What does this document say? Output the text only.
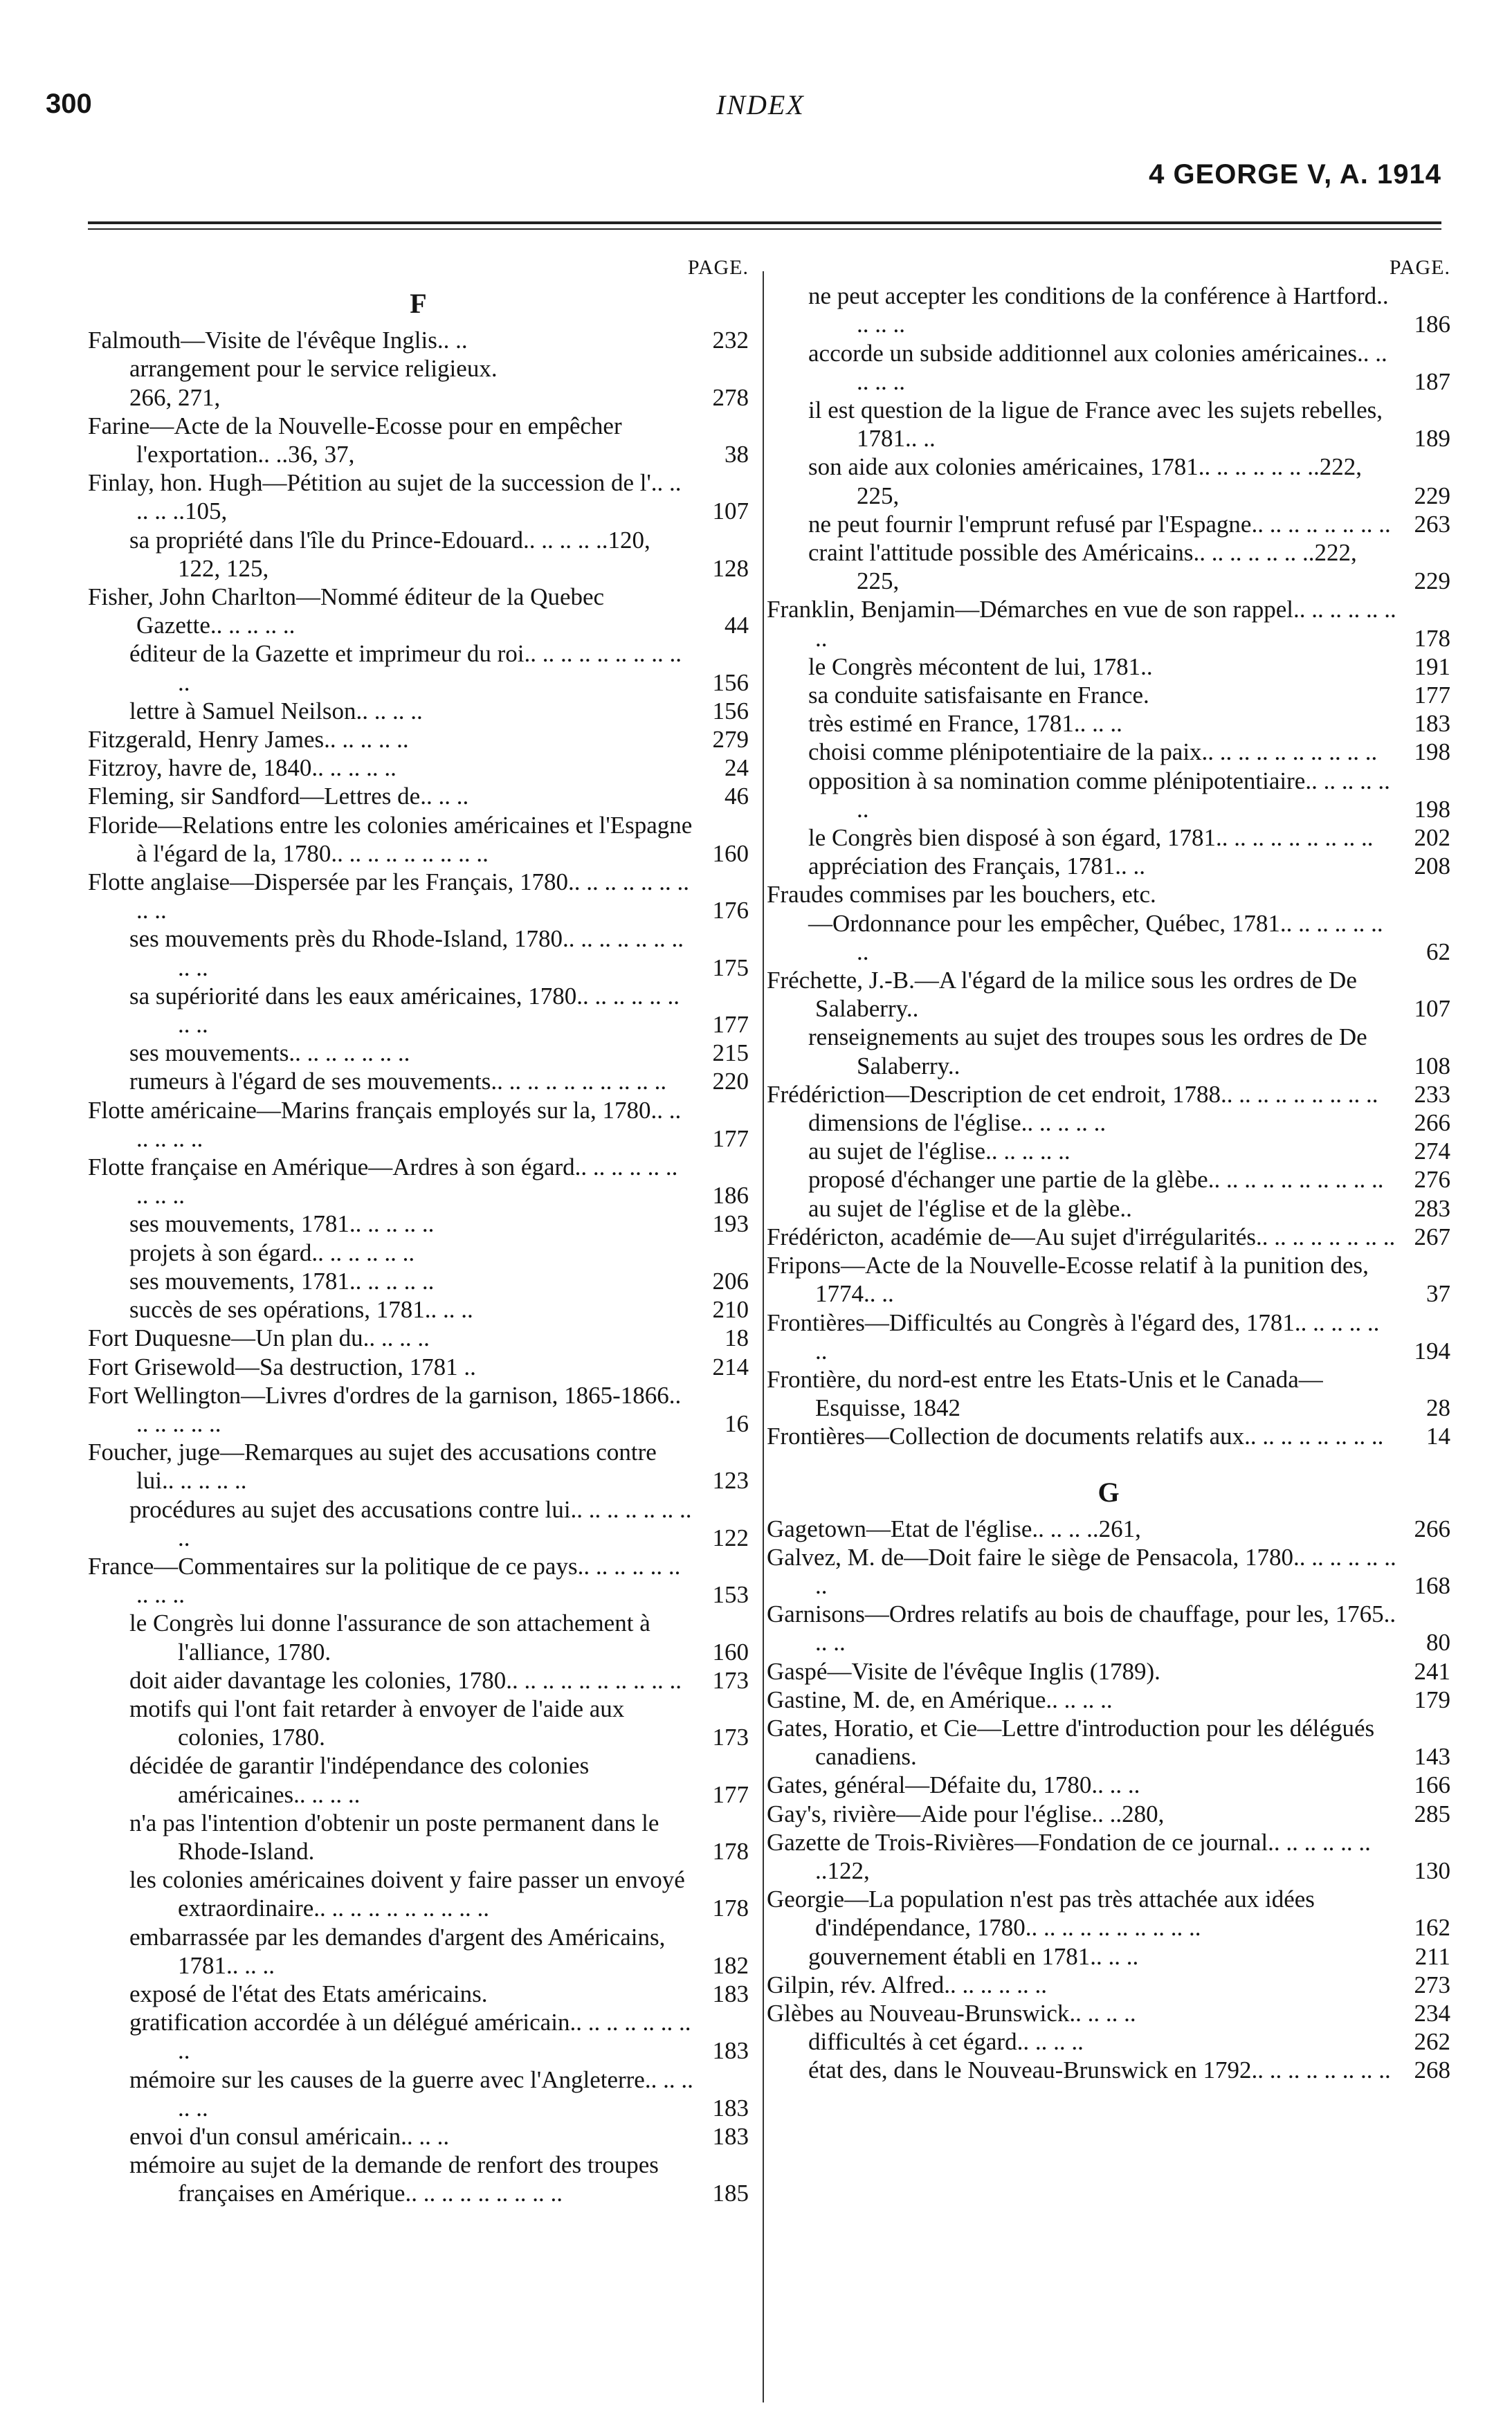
300	INDEX
4 GEORGE V, A. 1914
PAGE.
F
Falmouth—Visite de l'évêque Inglis.. ..	232
arrangement pour le service religieux.
266, 271,	278
Farine—Acte de la Nouvelle-Ecosse pour en empêcher l'exportation.. ..36, 37,	38
Finlay, hon. Hugh—Pétition au sujet de la succession de l'.. .. .. .. ..105,	107
sa propriété dans l'île du Prince-Edouard.. .. .. .. ..120, 122, 125,	128
Fisher, John Charlton—Nommé éditeur de la Quebec Gazette.. .. .. .. ..	44
éditeur de la Gazette et imprimeur du roi.. .. .. .. .. .. .. .. .. ..	156
lettre à Samuel Neilson.. .. .. ..	156
Fitzgerald, Henry James.. .. .. .. ..	279
Fitzroy, havre de, 1840.. .. .. .. ..	24
Fleming, sir Sandford—Lettres de.. .. ..	46
Floride—Relations entre les colonies américaines et l'Espagne à l'égard de la, 1780.. .. .. .. .. .. .. .. ..	160
Flotte anglaise—Dispersée par les Français, 1780.. .. .. .. .. .. .. .. ..	176
ses mouvements près du Rhode-Island, 1780.. .. .. .. .. .. .. .. ..	175
sa supériorité dans les eaux américaines, 1780.. .. .. .. .. .. .. ..	177
ses mouvements.. .. .. .. .. .. ..	215
rumeurs à l'égard de ses mouvements.. .. .. .. .. .. .. .. .. .. 220
Flotte américaine—Marins français employés sur la, 1780.. .. .. .. .. ..	177
Flotte française en Amérique—Ardres à son égard.. .. .. .. .. .. .. .. ..	186
ses mouvements, 1781.. .. .. .. ..	193
projets à son égard.. .. .. .. .. ..
ses mouvements, 1781.. .. .. .. ..	206
succès de ses opérations, 1781.. .. ..	210
Fort Duquesne—Un plan du.. .. .. ..	18
Fort Grisewold—Sa destruction, 1781 ..	214
Fort Wellington—Livres d'ordres de la garnison, 1865-1866.. .. .. .. .. ..	16
Foucher, juge—Remarques au sujet des accusations contre lui.. .. .. .. ..	123
procédures au sujet des accusations contre lui.. .. .. .. .. .. .. ..	122
France—Commentaires sur la politique de ce pays.. .. .. .. .. .. .. .. ..	153
le Congrès lui donne l'assurance de son attachement à l'alliance, 1780.	160
doit aider davantage les colonies, 1780.. .. .. .. .. .. .. .. .. .. 173
motifs qui l'ont fait retarder à envoyer de l'aide aux colonies, 1780.	173
décidée de garantir l'indépendance des colonies américaines.. .. .. ..	177
n'a pas l'intention d'obtenir un poste permanent dans le Rhode-Island.	178
les colonies américaines doivent y faire passer un envoyé extraordinaire.. .. .. .. .. .. .. .. .. ..	178
embarrassée par les demandes d'argent des Américains, 1781.. .. ..	182
exposé de l'état des Etats américains.	183
gratification accordée à un délégué américain.. .. .. .. .. .. .. ..	183
mémoire sur les causes de la guerre avec l'Angleterre.. .. .. .. ..	183
envoi d'un consul américain.. .. ..	183
mémoire au sujet de la demande de renfort des troupes françaises en Amérique.. .. .. .. .. .. .. .. ..	185
PAGE.
ne peut accepter les conditions de la conférence à Hartford.. .. .. ..	186
accorde un subside additionnel aux colonies américaines.. .. .. .. ..	187
il est question de la ligue de France avec les sujets rebelles, 1781.. ..	189
son aide aux colonies américaines, 1781.. .. .. .. .. .. ..222, 225,	229
ne peut fournir l'emprunt refusé par l'Espagne.. .. .. .. .. .. .. .. 263
craint l'attitude possible des Américains.. .. .. .. .. .. ..222, 225,	229
Franklin, Benjamin—Démarches en vue de son rappel.. .. .. .. .. .. ..	178
le Congrès mécontent de lui, 1781..	191
sa conduite satisfaisante en France.	177
très estimé en France, 1781.. .. ..	183
choisi comme plénipotentiaire de la paix.. .. .. .. .. .. .. .. .. .. 198
opposition à sa nomination comme plénipotentiaire.. .. .. .. .. ..	198
le Congrès bien disposé à son égard, 1781.. .. .. .. .. .. .. .. .. 202
appréciation des Français, 1781.. ..	208
Fraudes commises par les bouchers, etc.
—Ordonnance pour les empêcher, Québec, 1781.. .. .. .. .. .. ..	62
Fréchette, J.-B.—A l'égard de la milice sous les ordres de De Salaberry..	107
renseignements au sujet des troupes sous les ordres de De Salaberry..	108
Frédériction—Description de cet endroit, 1788.. .. .. .. .. .. .. .. .. 233
dimensions de l'église.. .. .. .. ..	266
au sujet de l'église.. .. .. .. ..	274
proposé d'échanger une partie de la glèbe.. .. .. .. .. .. .. .. .. .. 276
au sujet de l'église et de la glèbe..	283
Frédéricton, académie de—Au sujet d'irrégularités.. .. .. .. .. .. .. .. 267
Fripons—Acte de la Nouvelle-Ecosse relatif à la punition des, 1774.. ..	37
Frontières—Difficultés au Congrès à l'égard des, 1781.. .. .. .. .. ..	194
Frontière, du nord-est entre les Etats-Unis et le Canada—Esquisse, 1842	28
Frontières—Collection de documents relatifs aux.. .. .. .. .. .. .. .. 14
G
Gagetown—Etat de l'église.. .. .. ..261,	266
Galvez, M. de—Doit faire le siège de Pensacola, 1780.. .. .. .. .. .. ..	168
Garnisons—Ordres relatifs au bois de chauffage, pour les, 1765.. .. ..	80
Gaspé—Visite de l'évêque Inglis (1789).	241
Gastine, M. de, en Amérique.. .. .. ..	179
Gates, Horatio, et Cie—Lettre d'introduction pour les délégués canadiens.	143
Gates, général—Défaite du, 1780.. .. ..	166
Gay's, rivière—Aide pour l'église.. ..280,	285
Gazette de Trois-Rivières—Fondation de ce journal.. .. .. .. .. .. ..122,	130
Georgie—La population n'est pas très attachée aux idées d'indépendance, 1780.. .. .. .. .. .. .. .. .. ..	162
gouvernement établi en 1781.. .. ..	211
Gilpin, rév. Alfred.. .. .. .. .. ..	273
Glèbes au Nouveau-Brunswick.. .. .. ..	234
difficultés à cet égard.. .. .. ..	262
état des, dans le Nouveau-Brunswick en 1792.. .. .. .. .. .. .. .. 268
